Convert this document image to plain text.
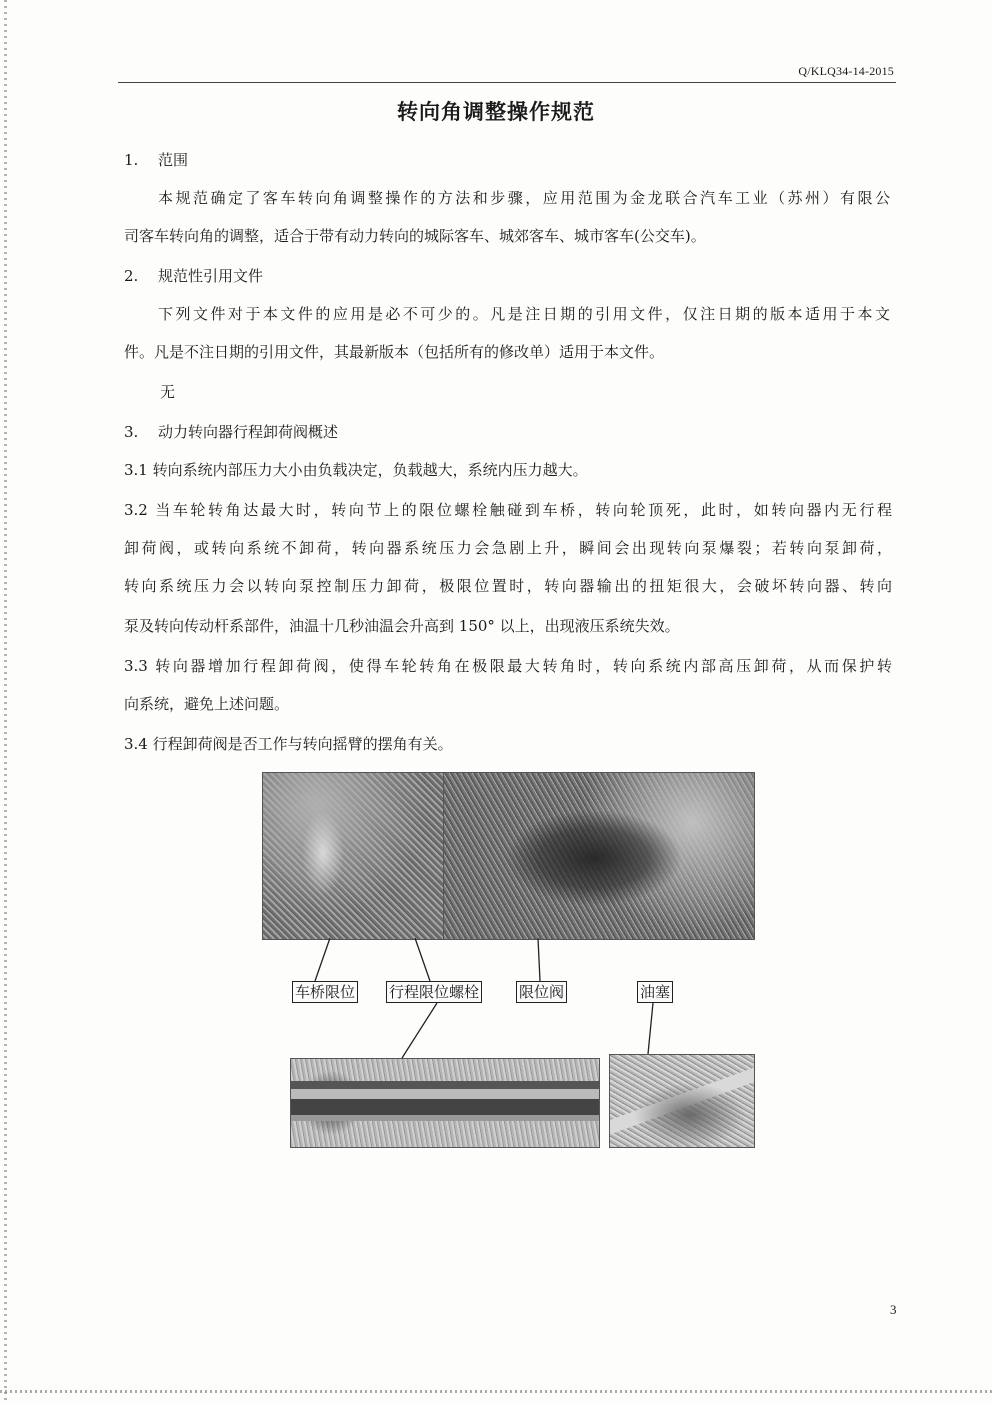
Q/KLQ34-14-2015
转向角调整操作规范
1. 范围
本规范确定了客车转向角调整操作的方法和步骤，应用范围为金龙联合汽车工业（苏州）有限公
司客车转向角的调整，适合于带有动力转向的城际客车、城郊客车、城市客车(公交车)。
2. 规范性引用文件
下列文件对于本文件的应用是必不可少的。凡是注日期的引用文件，仅注日期的版本适用于本文
件。凡是不注日期的引用文件，其最新版本（包括所有的修改单）适用于本文件。
无
3. 动力转向器行程卸荷阀概述
3.1 转向系统内部压力大小由负载决定，负载越大，系统内压力越大。
3.2 当车轮转角达最大时，转向节上的限位螺栓触碰到车桥，转向轮顶死，此时，如转向器内无行程
卸荷阀，或转向系统不卸荷，转向器系统压力会急剧上升，瞬间会出现转向泵爆裂；若转向泵卸荷，
转向系统压力会以转向泵控制压力卸荷，极限位置时，转向器输出的扭矩很大，会破坏转向器、转向
泵及转向传动杆系部件，油温十几秒油温会升高到 150° 以上，出现液压系统失效。
3.3 转向器增加行程卸荷阀，使得车轮转角在极限最大转角时，转向系统内部高压卸荷，从而保护转
向系统，避免上述问题。
3.4 行程卸荷阀是否工作与转向摇臂的摆角有关。
车桥限位 行程限位螺栓	限位阀	油塞
3
